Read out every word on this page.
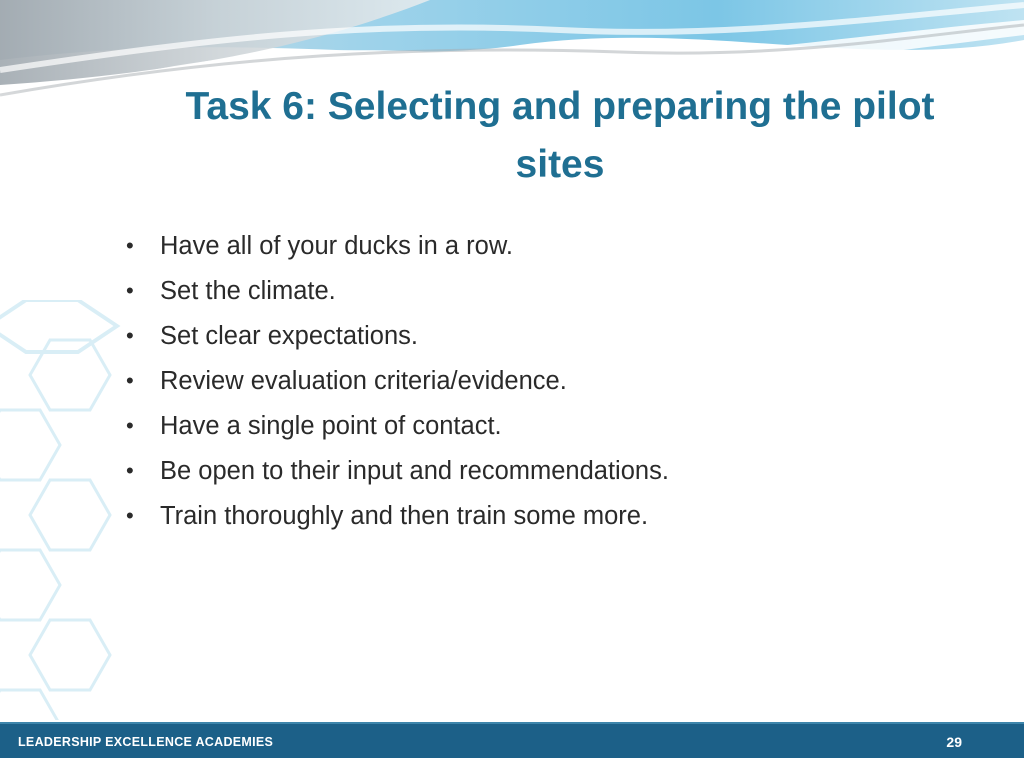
Task 6: Selecting and preparing the pilot sites
• Have all of your ducks in a row.
• Set the climate.
• Set clear expectations.
• Review evaluation criteria/evidence.
• Have a single point of contact.
• Be open to their input and recommendations.
• Train thoroughly and then train some more.
LEADERSHIP EXCELLENCE ACADEMIES	29
